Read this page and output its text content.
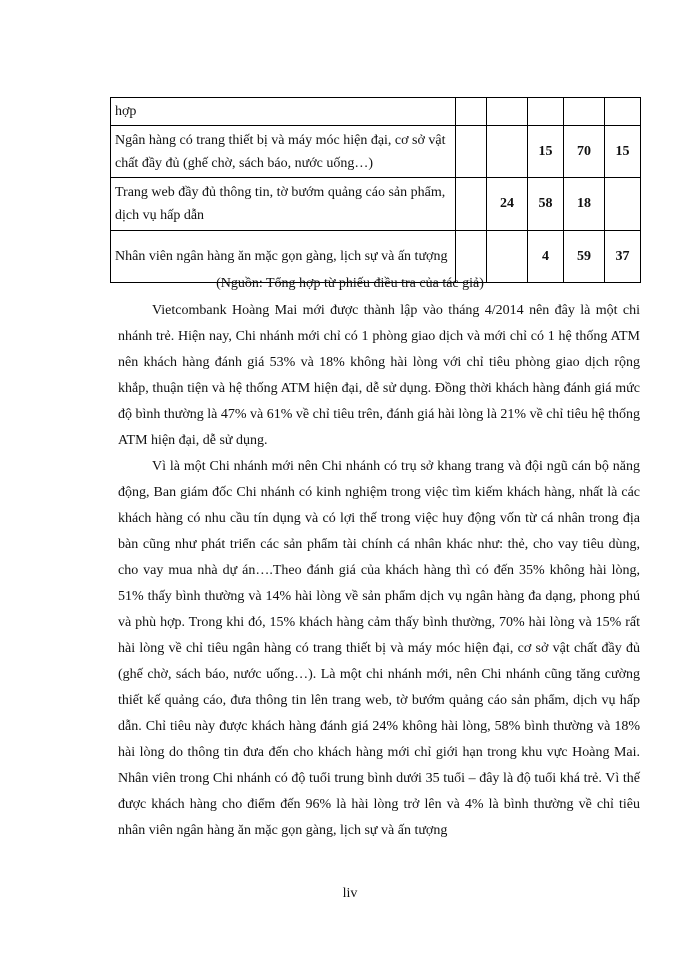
hợp					
Ngân hàng có trang thiết bị và máy móc hiện đại, cơ sở vật chất đầy đủ (ghế chờ, sách báo, nước uống…)			15	70	15
Trang web đầy đủ thông tin, tờ bướm quảng cáo sản phẩm, dịch vụ hấp dẫn		24	58	18	
Nhân viên ngân hàng ăn mặc gọn gàng, lịch sự và ấn tượng			4	59	37
(Nguồn: Tổng hợp từ phiếu điều tra của tác giả)

Vietcombank Hoàng Mai mới được thành lập vào tháng 4/2014 nên đây là một chi nhánh trẻ. Hiện nay, Chi nhánh mới chỉ có 1 phòng giao dịch và mới chỉ có 1 hệ thống ATM nên khách hàng đánh giá 53% và 18% không hài lòng với chỉ tiêu phòng giao dịch rộng khắp, thuận tiện và hệ thống ATM hiện đại, dễ sử dụng. Đồng thời khách hàng đánh giá mức độ bình thường là 47% và 61% về chỉ tiêu trên, đánh giá hài lòng là 21% về chỉ tiêu hệ thống ATM hiện đại, dễ sử dụng.

Vì là một Chi nhánh mới nên Chi nhánh có trụ sở khang trang và đội ngũ cán bộ năng động, Ban giám đốc Chi nhánh có kinh nghiệm trong việc tìm kiếm khách hàng, nhất là các khách hàng có nhu cầu tín dụng và có lợi thế trong việc huy động vốn từ cá nhân trong địa bàn cũng như phát triển các sản phẩm tài chính cá nhân khác như: thẻ, cho vay tiêu dùng, cho vay mua nhà dự án….Theo đánh giá của khách hàng thì có đến 35% không hài lòng, 51% thấy bình thường và 14% hài lòng về sản phẩm dịch vụ ngân hàng đa dạng, phong phú và phù hợp. Trong khi đó, 15% khách hàng cảm thấy bình thường, 70% hài lòng và 15% rất hài lòng về chỉ tiêu ngân hàng có trang thiết bị và máy móc hiện đại, cơ sở vật chất đầy đủ (ghế chờ, sách báo, nước uống…). Là một chi nhánh mới, nên Chi nhánh cũng tăng cường thiết kế quảng cáo, đưa thông tin lên trang web, tờ bướm quảng cáo sản phẩm, dịch vụ hấp dẫn. Chỉ tiêu này được khách hàng đánh giá 24% không hài lòng, 58% bình thường và 18% hài lòng do thông tin đưa đến cho khách hàng mới chỉ giới hạn trong khu vực Hoàng Mai. Nhân viên trong Chi nhánh có độ tuổi trung bình dưới 35 tuổi – đây là độ tuổi khá trẻ. Vì thế được khách hàng cho điểm đến 96% là hài lòng trở lên và 4% là bình thường về chỉ tiêu nhân viên ngân hàng ăn mặc gọn gàng, lịch sự và ấn tượng

liv
